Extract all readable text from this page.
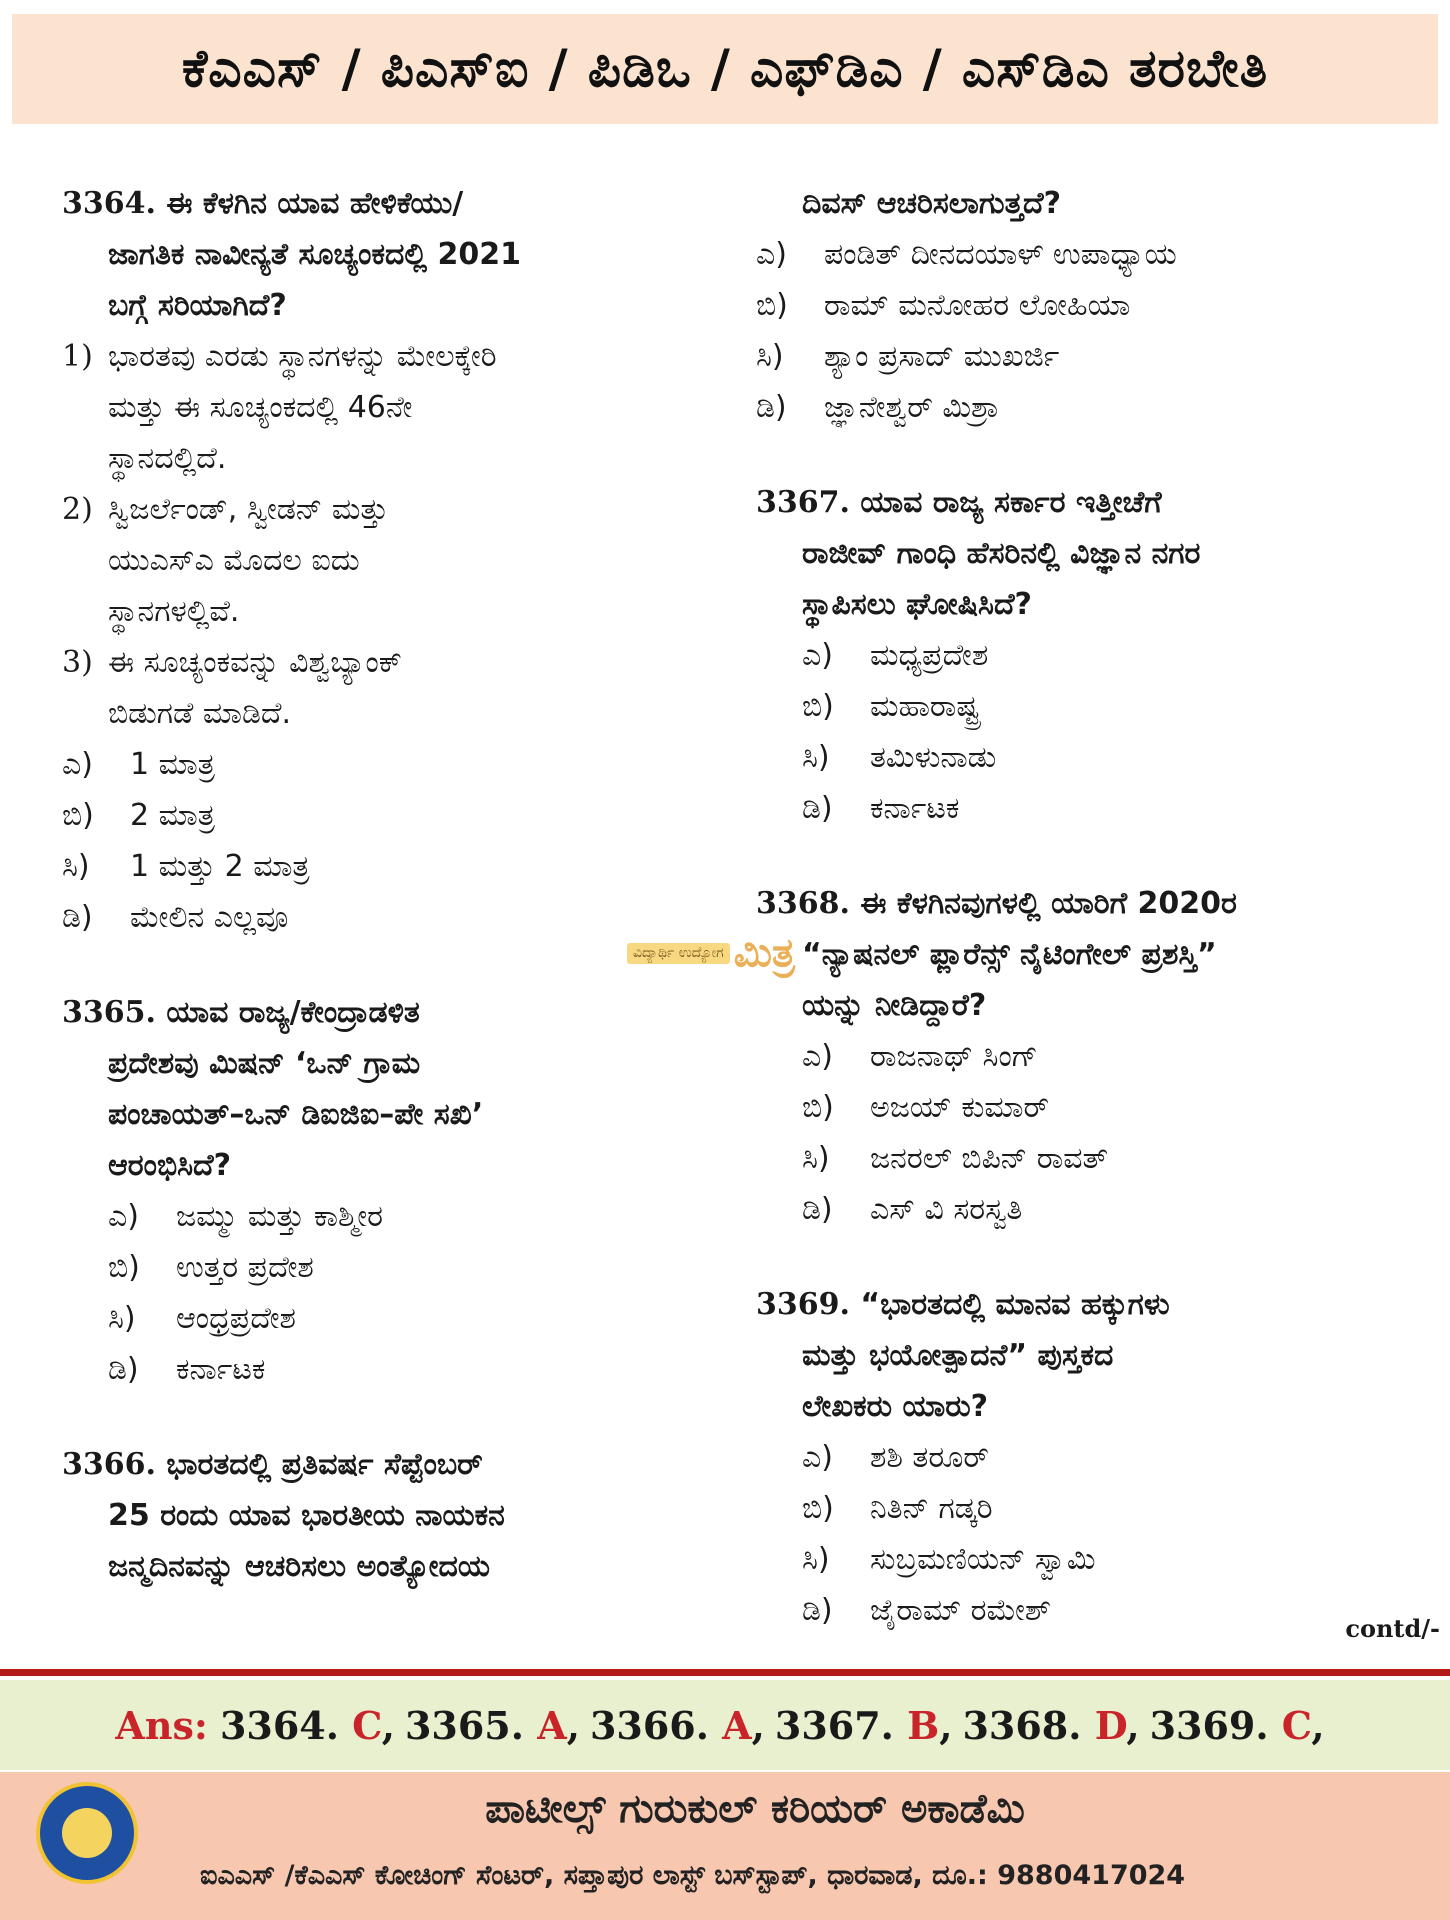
ಕೆಎಎಸ್ / ಪಿಎಸ್ಐ / ಪಿಡಿಒ / ಎಫ್‌ಡಿಎ / ಎಸ್‌ಡಿಎ ತರಬೇತಿ
3364. ಈ ಕೆಳಗಿನ ಯಾವ ಹೇಳಿಕೆಯು/
ಜಾಗತಿಕ ನಾವೀನ್ಯತೆ ಸೂಚ್ಯಂಕದಲ್ಲಿ 2021
ಬಗ್ಗೆ ಸರಿಯಾಗಿದೆ?
1) ಭಾರತವು ಎರಡು ಸ್ಥಾನಗಳನ್ನು ಮೇಲಕ್ಕೇರಿ
ಮತ್ತು ಈ ಸೂಚ್ಯಂಕದಲ್ಲಿ 46ನೇ
ಸ್ಥಾನದಲ್ಲಿದೆ.
2) ಸ್ವಿಜರ್ಲೆಂಡ್, ಸ್ವೀಡನ್ ಮತ್ತು
ಯುಎಸ್‌ಎ ಮೊದಲ ಐದು
ಸ್ಥಾನಗಳಲ್ಲಿವೆ.
3) ಈ ಸೂಚ್ಯಂಕವನ್ನು ವಿಶ್ವಬ್ಯಾಂಕ್
ಬಿಡುಗಡೆ ಮಾಡಿದೆ.
ಎ)	1 ಮಾತ್ರ
ಬಿ)	2 ಮಾತ್ರ
ಸಿ)	1 ಮತ್ತು 2 ಮಾತ್ರ
ಡಿ)	ಮೇಲಿನ ಎಲ್ಲವೂ
3365. ಯಾವ ರಾಜ್ಯ/ಕೇಂದ್ರಾಡಳಿತ
ಪ್ರದೇಶವು ಮಿಷನ್ ‘ಒನ್ ಗ್ರಾಮ
ಪಂಚಾಯತ್–ಒನ್ ಡಿಐಜಿಐ–ಪೇ ಸಖಿ’
ಆರಂಭಿಸಿದೆ?
ಎ)	ಜಮ್ಮು ಮತ್ತು ಕಾಶ್ಮೀರ
ಬಿ)	ಉತ್ತರ ಪ್ರದೇಶ
ಸಿ)	ಆಂಧ್ರಪ್ರದೇಶ
ಡಿ)	ಕರ್ನಾಟಕ
3366. ಭಾರತದಲ್ಲಿ ಪ್ರತಿವರ್ಷ ಸೆಪ್ಟೆಂಬರ್
25 ರಂದು ಯಾವ ಭಾರತೀಯ ನಾಯಕನ
ಜನ್ಮದಿನವನ್ನು ಆಚರಿಸಲು ಅಂತ್ಯೋದಯ
ದಿವಸ್ ಆಚರಿಸಲಾಗುತ್ತದೆ?
ಎ)	ಪಂಡಿತ್ ದೀನದಯಾಳ್ ಉಪಾಧ್ಯಾಯ
ಬಿ)	ರಾಮ್ ಮನೋಹರ ಲೋಹಿಯಾ
ಸಿ)	ಶ್ಯಾಂ ಪ್ರಸಾದ್ ಮುಖರ್ಜಿ
ಡಿ)	ಜ್ಞಾನೇಶ್ವರ್ ಮಿಶ್ರಾ
3367. ಯಾವ ರಾಜ್ಯ ಸರ್ಕಾರ ಇತ್ತೀಚೆಗೆ
ರಾಜೀವ್ ಗಾಂಧಿ ಹೆಸರಿನಲ್ಲಿ ವಿಜ್ಞಾನ ನಗರ
ಸ್ಥಾಪಿಸಲು ಘೋಷಿಸಿದೆ?
ಎ)	ಮಧ್ಯಪ್ರದೇಶ
ಬಿ)	ಮಹಾರಾಷ್ಟ್ರ
ಸಿ)	ತಮಿಳುನಾಡು
ಡಿ)	ಕರ್ನಾಟಕ
3368. ಈ ಕೆಳಗಿನವುಗಳಲ್ಲಿ ಯಾರಿಗೆ 2020ರ
“ನ್ಯಾಷನಲ್ ಫ್ಲಾರೆನ್ಸ್ ನೈಟಿಂಗೇಲ್ ಪ್ರಶಸ್ತಿ”
ಯನ್ನು ನೀಡಿದ್ದಾರೆ?
ಎ)	ರಾಜನಾಥ್ ಸಿಂಗ್
ಬಿ)	ಅಜಯ್ ಕುಮಾರ್
ಸಿ)	ಜನರಲ್ ಬಿಪಿನ್ ರಾವತ್
ಡಿ)	ಎಸ್ ವಿ ಸರಸ್ವತಿ
3369. “ಭಾರತದಲ್ಲಿ ಮಾನವ ಹಕ್ಕುಗಳು
ಮತ್ತು ಭಯೋತ್ಪಾದನೆ” ಪುಸ್ತಕದ
ಲೇಖಕರು ಯಾರು?
ಎ)	ಶಶಿ ತರೂರ್
ಬಿ)	ನಿತಿನ್ ಗಡ್ಕರಿ
ಸಿ)	ಸುಬ್ರಮಣಿಯನ್ ಸ್ವಾಮಿ
ಡಿ)	ಜೈರಾಮ್ ರಮೇಶ್
ವಿದ್ಯಾರ್ಥಿ ಉದ್ಯೋಗ ಮಿತ್ರ
contd/-
Ans: 3364. C, 3365. A, 3366. A, 3367. B, 3368. D, 3369. C,
ಪಾಟೀಲ್ಸ್ ಗುರುಕುಲ್ ಕರಿಯರ್ ಅಕಾಡೆಮಿ
ಐಎಎಸ್ /ಕೆಎಎಸ್ ಕೋಚಿಂಗ್ ಸೆಂಟರ್, ಸಪ್ತಾಪುರ ಲಾಸ್ಟ್ ಬಸ್‌ಸ್ಟಾಪ್, ಧಾರವಾಡ, ದೂ.: 9880417024
